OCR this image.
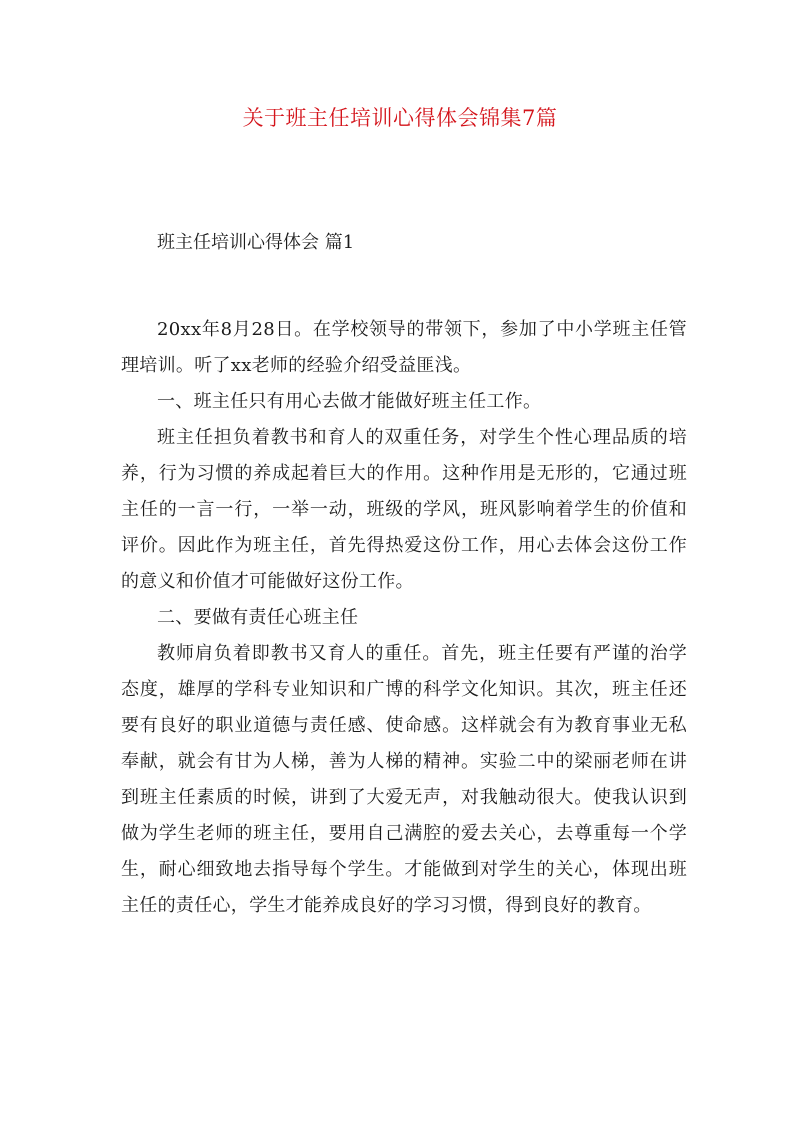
关于班主任培训心得体会锦集7篇
班主任培训心得体会 篇1

20xx年8月28日。在学校领导的带领下，参加了中小学班主任管理培训。听了xx老师的经验介绍受益匪浅。

一、班主任只有用心去做才能做好班主任工作。

班主任担负着教书和育人的双重任务，对学生个性心理品质的培养，行为习惯的养成起着巨大的作用。这种作用是无形的，它通过班主任的一言一行，一举一动，班级的学风，班风影响着学生的价值和评价。因此作为班主任，首先得热爱这份工作，用心去体会这份工作的意义和价值才可能做好这份工作。

二、要做有责任心班主任

教师肩负着即教书又育人的重任。首先，班主任要有严谨的治学态度，雄厚的学科专业知识和广博的科学文化知识。其次，班主任还要有良好的职业道德与责任感、使命感。这样就会有为教育事业无私奉献，就会有甘为人梯，善为人梯的精神。实验二中的梁丽老师在讲到班主任素质的时候，讲到了大爱无声，对我触动很大。使我认识到做为学生老师的班主任，要用自己满腔的爱去关心，去尊重每一个学生，耐心细致地去指导每个学生。才能做到对学生的关心，体现出班主任的责任心，学生才能养成良好的学习习惯，得到良好的教育。
